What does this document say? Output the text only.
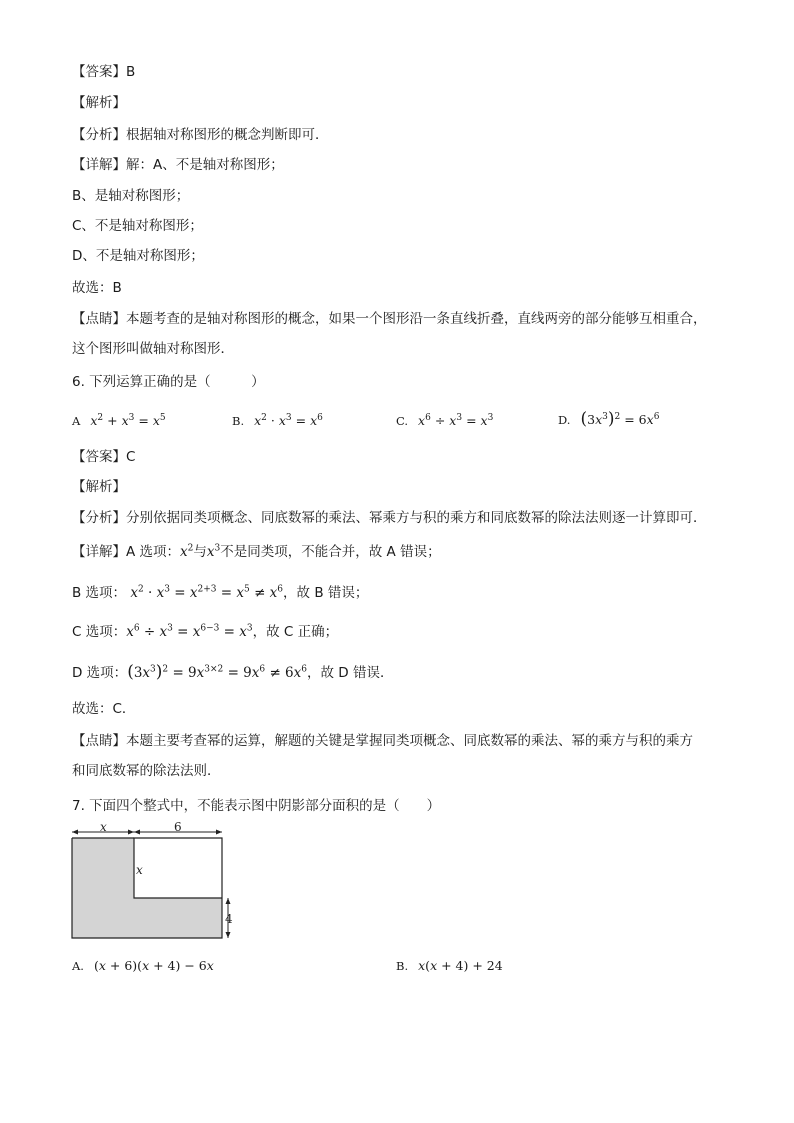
【答案】B
【解析】
【分析】根据轴对称图形的概念判断即可．
【详解】解：A、不是轴对称图形；
B、是轴对称图形；
C、不是轴对称图形；
D、不是轴对称图形；
故选：B
【点睛】本题考查的是轴对称图形的概念，如果一个图形沿一条直线折叠，直线两旁的部分能够互相重合，
这个图形叫做轴对称图形．
6. 下列运算正确的是（　　　）
A $x^2 + x^3 = x^5$	B. $x^2 \cdot x^3 = x^6$	C. $x^6 \div x^3 = x^3$	D. $(3x^3)^2 = 6x^6$
【答案】C
【解析】
【分析】分别依据同类项概念、同底数幂的乘法、幂乘方与积的乘方和同底数幂的除法法则逐一计算即可．
【详解】A 选项：$x^2$与$x^3$不是同类项，不能合并，故 A 错误；
B 选项： $x^2 \cdot x^3 = x^{2+3} = x^5 \ne x^6$，故 B 错误；
C 选项：$x^6 \div x^3 = x^{6-3} = x^3$，故 C 正确；
D 选项：$(3x^3)^2 = 9x^{3\times 2} = 9x^6 \ne 6x^6$，故 D 错误．
故选：C．
【点睛】本题主要考查幂的运算，解题的关键是掌握同类项概念、同底数幂的乘法、幂的乘方与积的乘方
和同底数幂的除法法则．
7. 下面四个整式中，不能表示图中阴影部分面积的是（　　）
x	6
x
4
A. (x + 6)(x + 4) − 6x	B. x(x + 4) + 24
